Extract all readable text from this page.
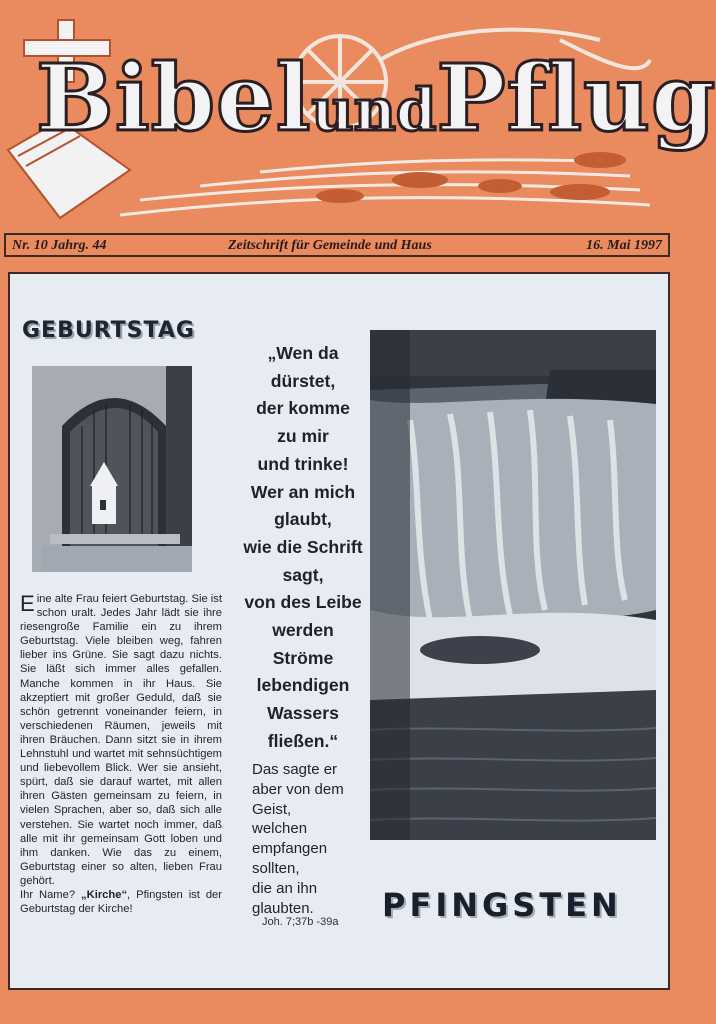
BibelundPflug
Nr. 10 Jahrg. 44	Zeitschrift für Gemeinde und Haus	16. Mai 1997
GEBURTSTAG
Eine alte Frau feiert Geburtstag. Sie ist schon uralt. Jedes Jahr lädt sie ihre riesengroße Familie ein zu ihrem Geburtstag. Viele bleiben weg, fahren lieber ins Grüne. Sie sagt dazu nichts. Sie läßt sich immer alles gefallen. Manche kommen in ihr Haus. Sie akzeptiert mit großer Geduld, daß sie schön getrennt voneinander feiern, in verschiedenen Räumen, jeweils mit ihren Bräuchen. Dann sitzt sie in ihrem Lehnstuhl und wartet mit sehnsüchtigem und liebevollem Blick. Wer sie ansieht, spürt, daß sie darauf wartet, mit allen ihren Gästen gemeinsam zu feiern, in vielen Sprachen, aber so, daß sich alle verstehen. Sie wartet noch immer, daß alle mit ihr gemeinsam Gott loben und ihm danken. Wie das zu einem, Geburtstag einer so alten, lieben Frau gehört.
Ihr Name? „Kirche“, Pfingsten ist der Geburtstag der Kirche!
„Wen da
dürstet,
der komme
zu mir
und trinke!
Wer an mich
glaubt,
wie die Schrift
sagt,
von des Leibe
werden
Ströme
lebendigen
Wassers
fließen.“
Das sagte er
aber von dem
Geist,
welchen
empfangen
sollten,
die an ihn
glaubten.
Joh. 7;37b -39a PFINGSTEN
